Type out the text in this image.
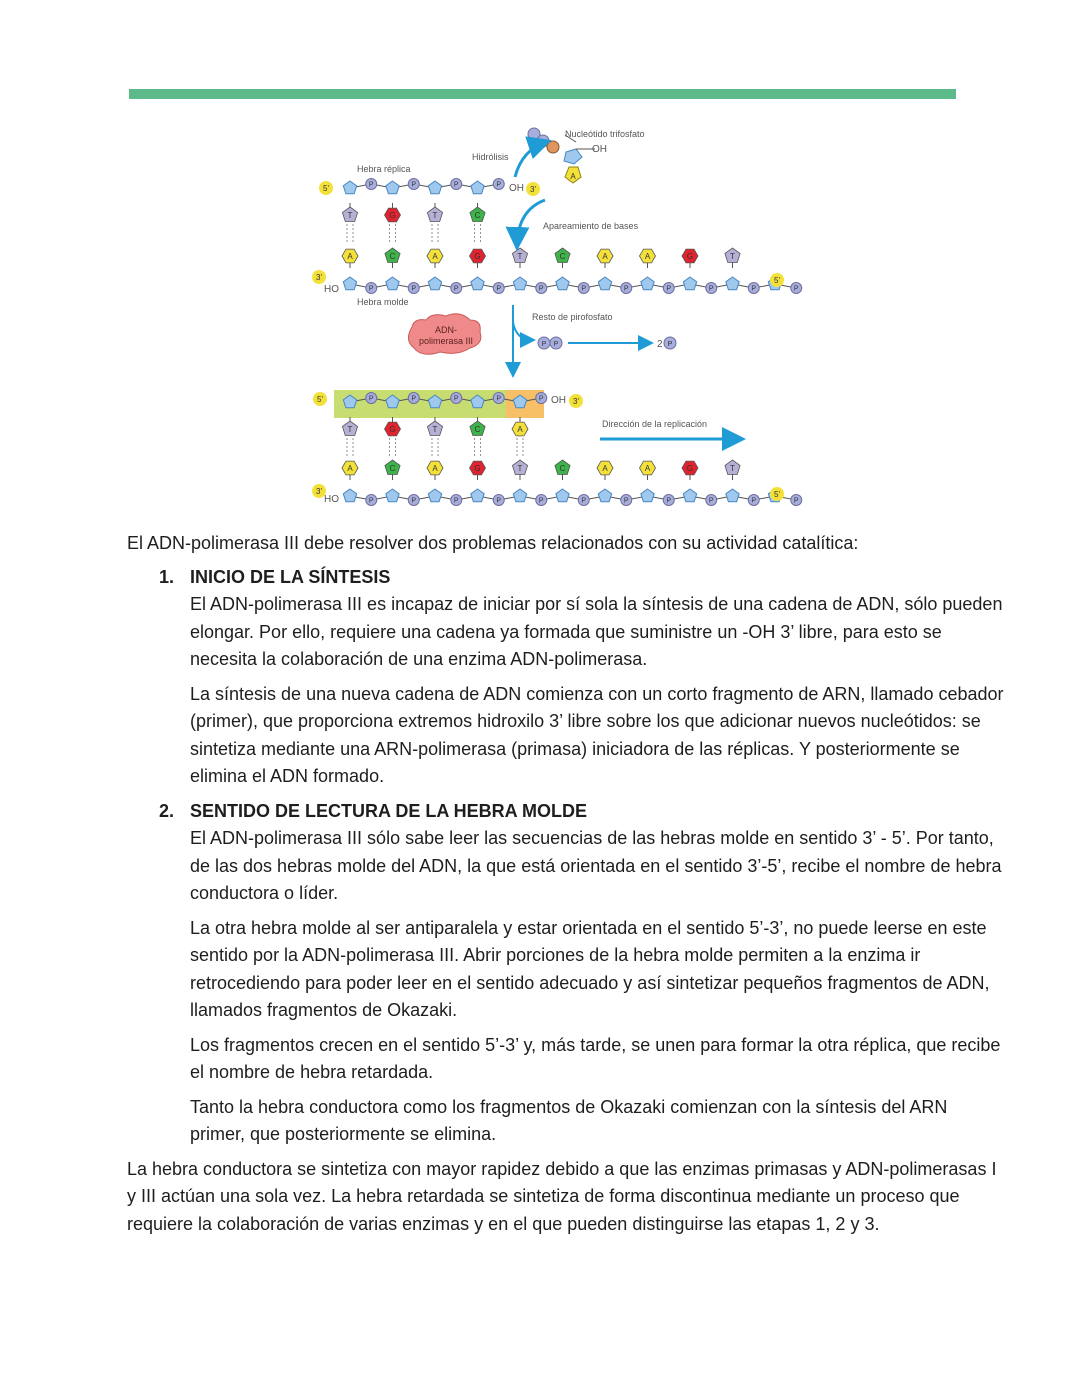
P	P	P	P
P	P	P	P	P	P	P	P	P	P	P
P	P	P	P	P
P	P	P	P	P	P	P	P	P	P	P
T	G	T	C
A	C	A	G	T	C	A	A	G	T
T	G	T	C	A
A	C	A	G	T	C	A	A	G	T
A
Nucleótido trifosfato
OH
Hidrólisis
Hebra réplica
Apareamiento de bases
Hebra molde
Resto de pirofosfato
Dirección de la replicación
5'	OH 3'
3'
HO
5'
ADN-
polimerasa III	P P	2 P
5'	OH 3'
3'
HO	5'

El ADN-polimerasa III debe resolver dos problemas relacionados con su actividad catalítica:

1. INICIO DE LA SÍNTESIS

El ADN-polimerasa III es incapaz de iniciar por sí sola la síntesis de una cadena de ADN, sólo pueden elongar. Por ello, requiere una cadena ya formada que suministre un -OH 3’ libre, para esto se necesita la colaboración de una enzima ADN-polimerasa.

La síntesis de una nueva cadena de ADN comienza con un corto fragmento de ARN, llamado cebador (primer), que proporciona extremos hidroxilo 3’ libre sobre los que adicionar nuevos nucleótidos: se sintetiza mediante una ARN-polimerasa (primasa) iniciadora de las réplicas. Y posteriormente se elimina el ADN formado.

2. SENTIDO DE LECTURA DE LA HEBRA MOLDE

El ADN-polimerasa III sólo sabe leer las secuencias de las hebras molde en sentido 3’ - 5’. Por tanto, de las dos hebras molde del ADN, la que está orientada en el sentido 3’-5’, recibe el nombre de hebra conductora o líder.

La otra hebra molde al ser antiparalela y estar orientada en el sentido 5’-3’, no puede leerse en este sentido por la ADN-polimerasa III. Abrir porciones de la hebra molde permiten a la enzima ir retrocediendo para poder leer en el sentido adecuado y así sintetizar pequeños fragmentos de ADN, llamados fragmentos de Okazaki.

Los fragmentos crecen en el sentido 5’-3’ y, más tarde, se unen para formar la otra réplica, que recibe el nombre de hebra retardada.

Tanto la hebra conductora como los fragmentos de Okazaki comienzan con la síntesis del ARN primer, que posteriormente se elimina.

La hebra conductora se sintetiza con mayor rapidez debido a que las enzimas primasas y ADN-polimerasas I y III actúan una sola vez. La hebra retardada se sintetiza de forma discontinua mediante un proceso que requiere la colaboración de varias enzimas y en el que pueden distinguirse las etapas 1, 2 y 3.
